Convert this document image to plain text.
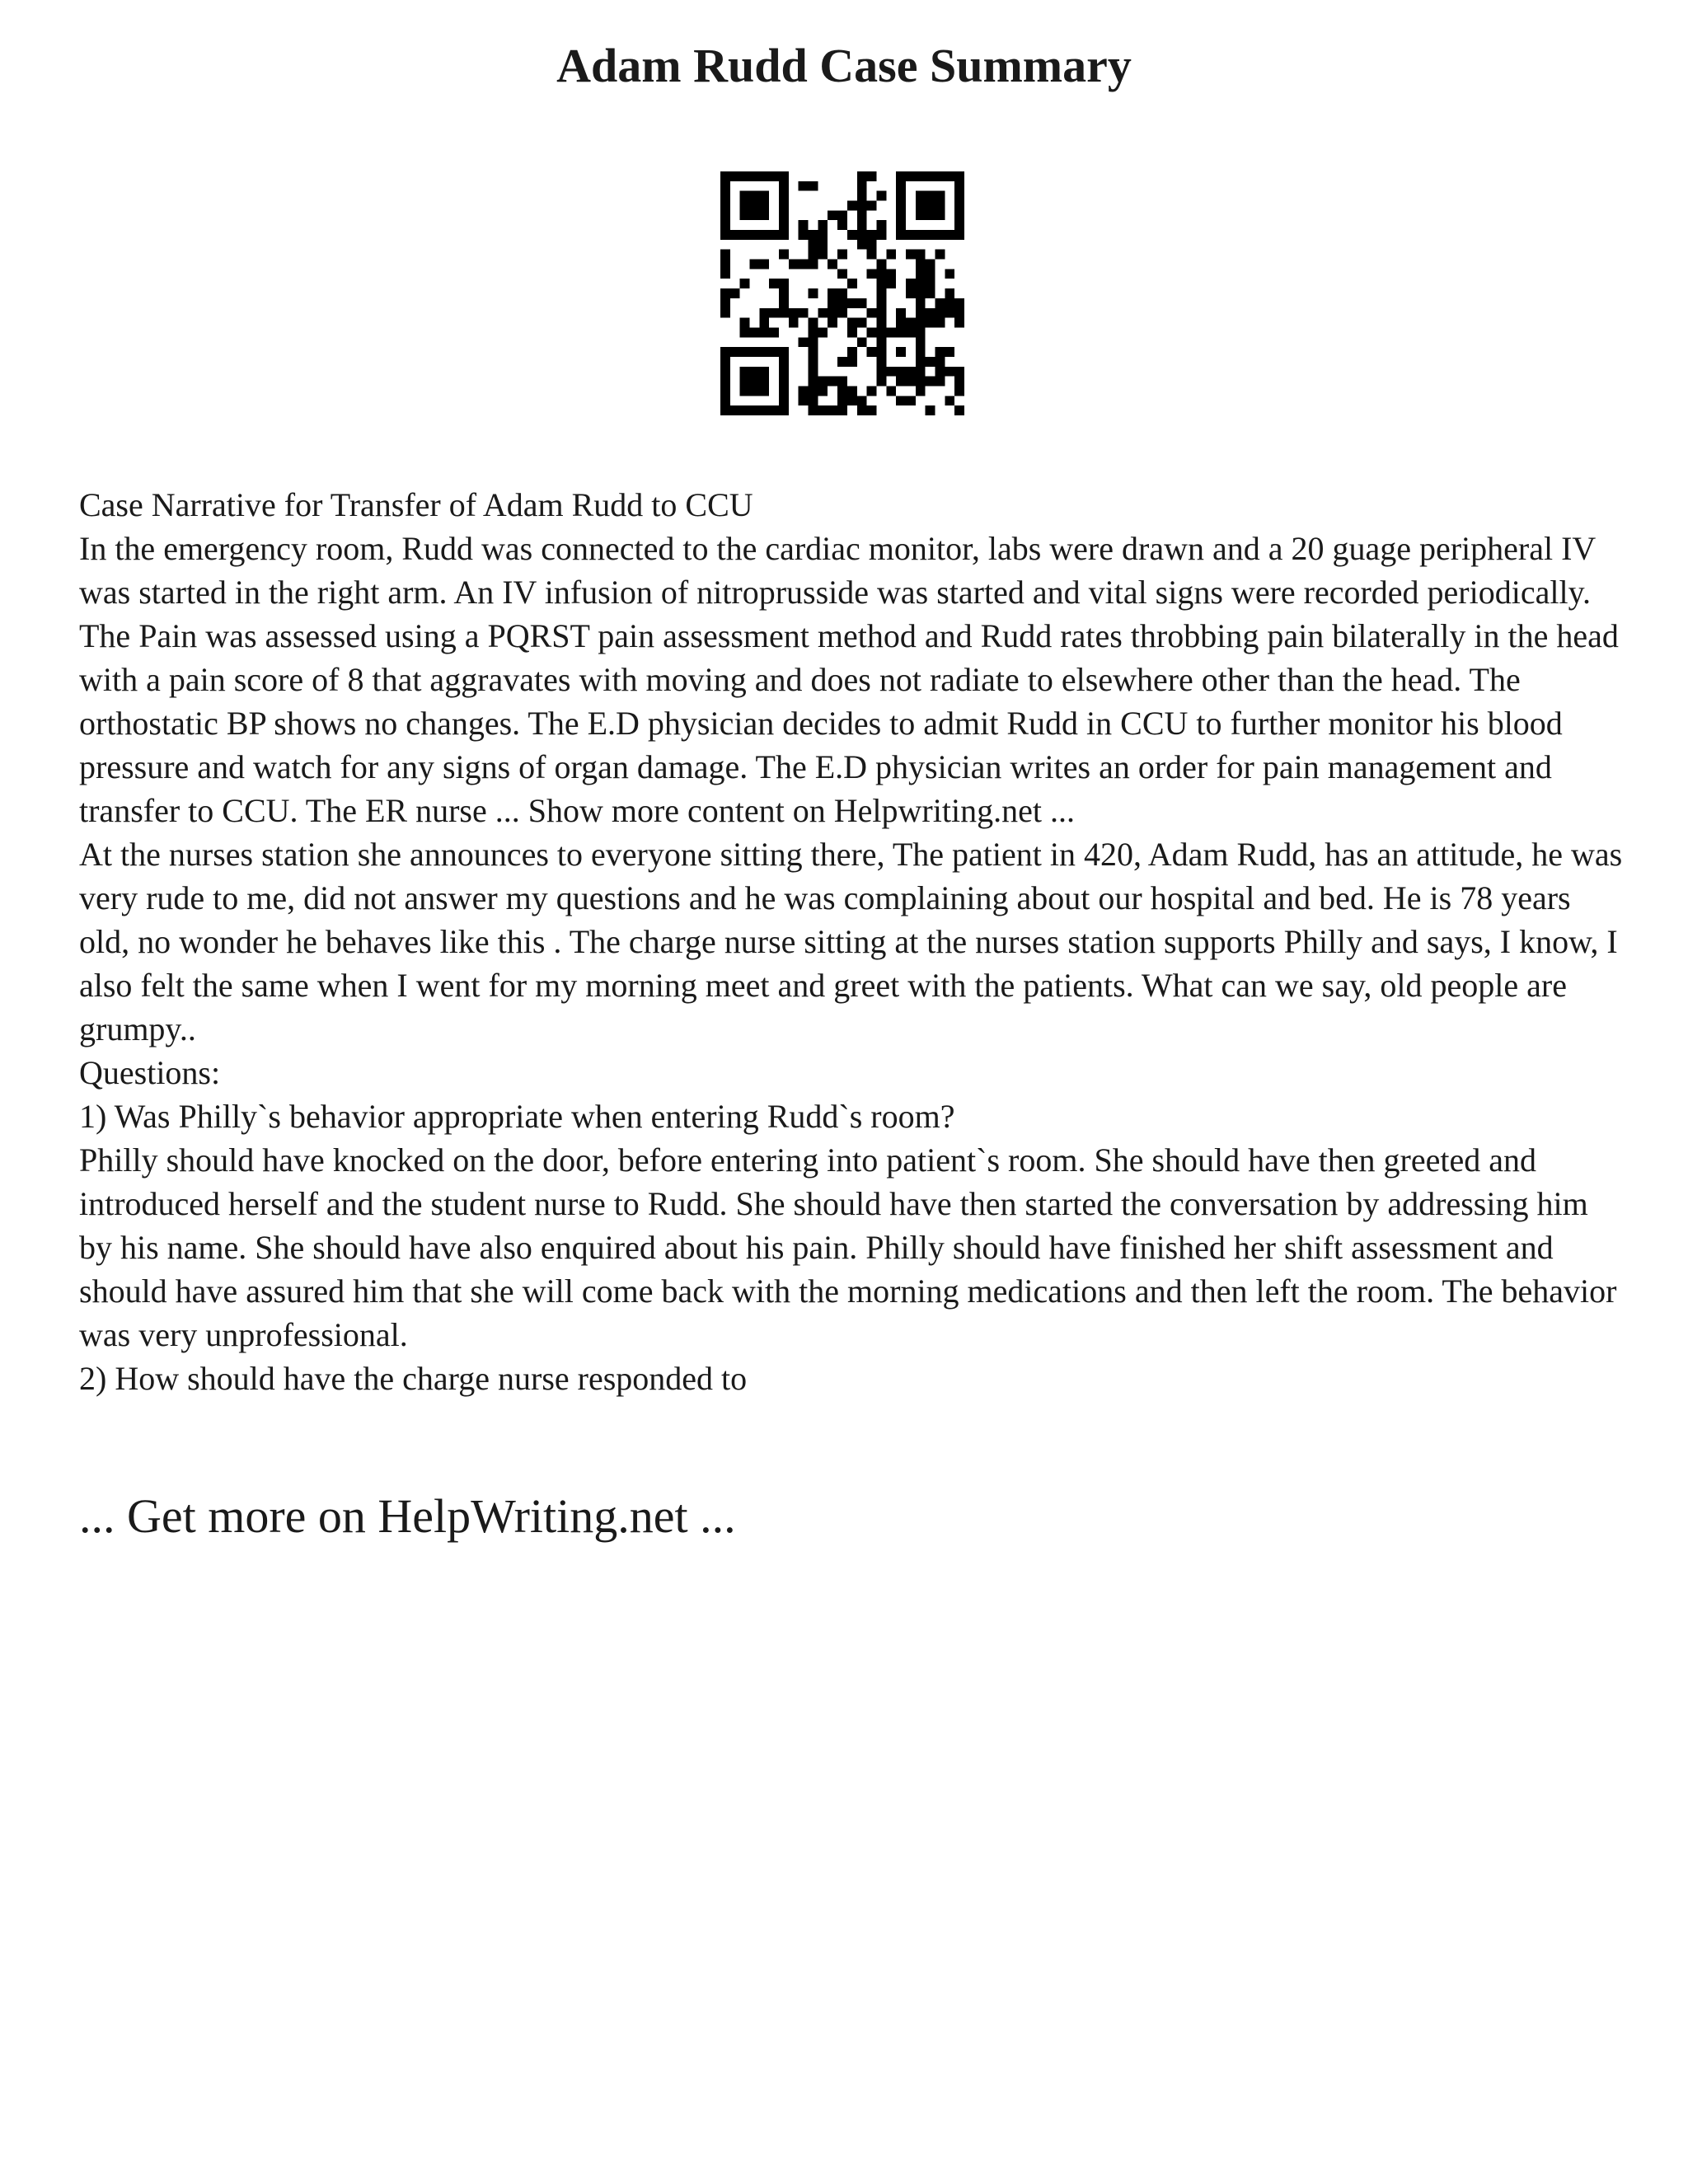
Adam Rudd Case Summary

Case Narrative for Transfer of Adam Rudd to CCU

In the emergency room, Rudd was connected to the cardiac monitor, labs were drawn and a 20 guage peripheral IV was started in the right arm. An IV infusion of nitroprusside was started and vital signs were recorded periodically. The Pain was assessed using a PQRST pain assessment method and Rudd rates throbbing pain bilaterally in the head with a pain score of 8 that aggravates with moving and does not radiate to elsewhere other than the head. The orthostatic BP shows no changes. The E.D physician decides to admit Rudd in CCU to further monitor his blood pressure and watch for any signs of organ damage. The E.D physician writes an order for pain management and transfer to CCU. The ER nurse ... Show more content on Helpwriting.net ...

At the nurses station she announces to everyone sitting there, The patient in 420, Adam Rudd, has an attitude, he was very rude to me, did not answer my questions and he was complaining about our hospital and bed. He is 78 years old, no wonder he behaves like this . The charge nurse sitting at the nurses station supports Philly and says, I know, I also felt the same when I went for my morning meet and greet with the patients. What can we say, old people are grumpy..

Questions:

1) Was Philly`s behavior appropriate when entering Rudd`s room?

Philly should have knocked on the door, before entering into patient`s room. She should have then greeted and introduced herself and the student nurse to Rudd. She should have then started the conversation by addressing him by his name. She should have also enquired about his pain. Philly should have finished her shift assessment and should have assured him that she will come back with the morning medications and then left the room. The behavior was very unprofessional.

2) How should have the charge nurse responded to

... Get more on HelpWriting.net ...
